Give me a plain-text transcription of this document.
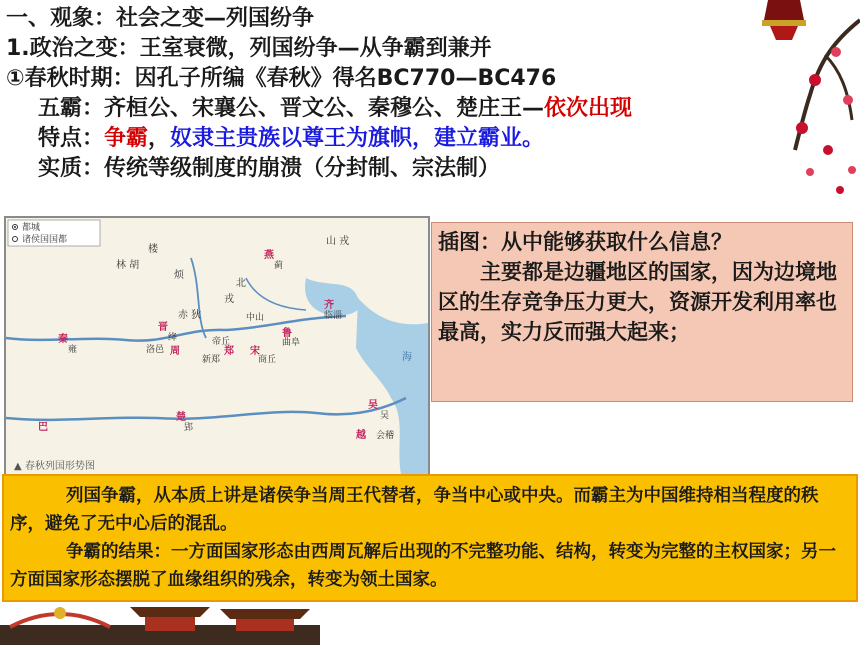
一、观象：社会之变—列国纷争
1.政治之变：王室衰微，列国纷争—从争霸到兼并
①春秋时期：因孔子所编《春秋》得名BC770—BC476
五霸：齐桓公、宋襄公、晋文公、秦穆公、楚庄王—依次出现
特点：争霸，奴隶主贵族以尊王为旗帜，建立霸业。
实质：传统等级制度的崩溃（分封制、宗法制）
都城
诸侯国国都
楼
山 戎
林 胡
烦
北
戎
赤 狄
燕
蓟
中山
齐
临淄
鲁
曲阜
晋
绛	帝丘
秦
雍	周
洛邑	郑
新郑
宋
商丘
巴
楚
郢
吴
吴
越 会稽
海
▲ 春秋列国形势图
插图：从中能够获取什么信息？

主要都是边疆地区的国家，因为边境地区的生存竞争压力更大，资源开发利用率也最高，实力反而强大起来；

列国争霸，从本质上讲是诸侯争当周王代替者，争当中心或中央。而霸主为中国维持相当程度的秩序，避免了无中心后的混乱。

争霸的结果：一方面国家形态由西周瓦解后出现的不完整功能、结构，转变为完整的主权国家；另一方面国家形态摆脱了血缘组织的残余，转变为领土国家。
